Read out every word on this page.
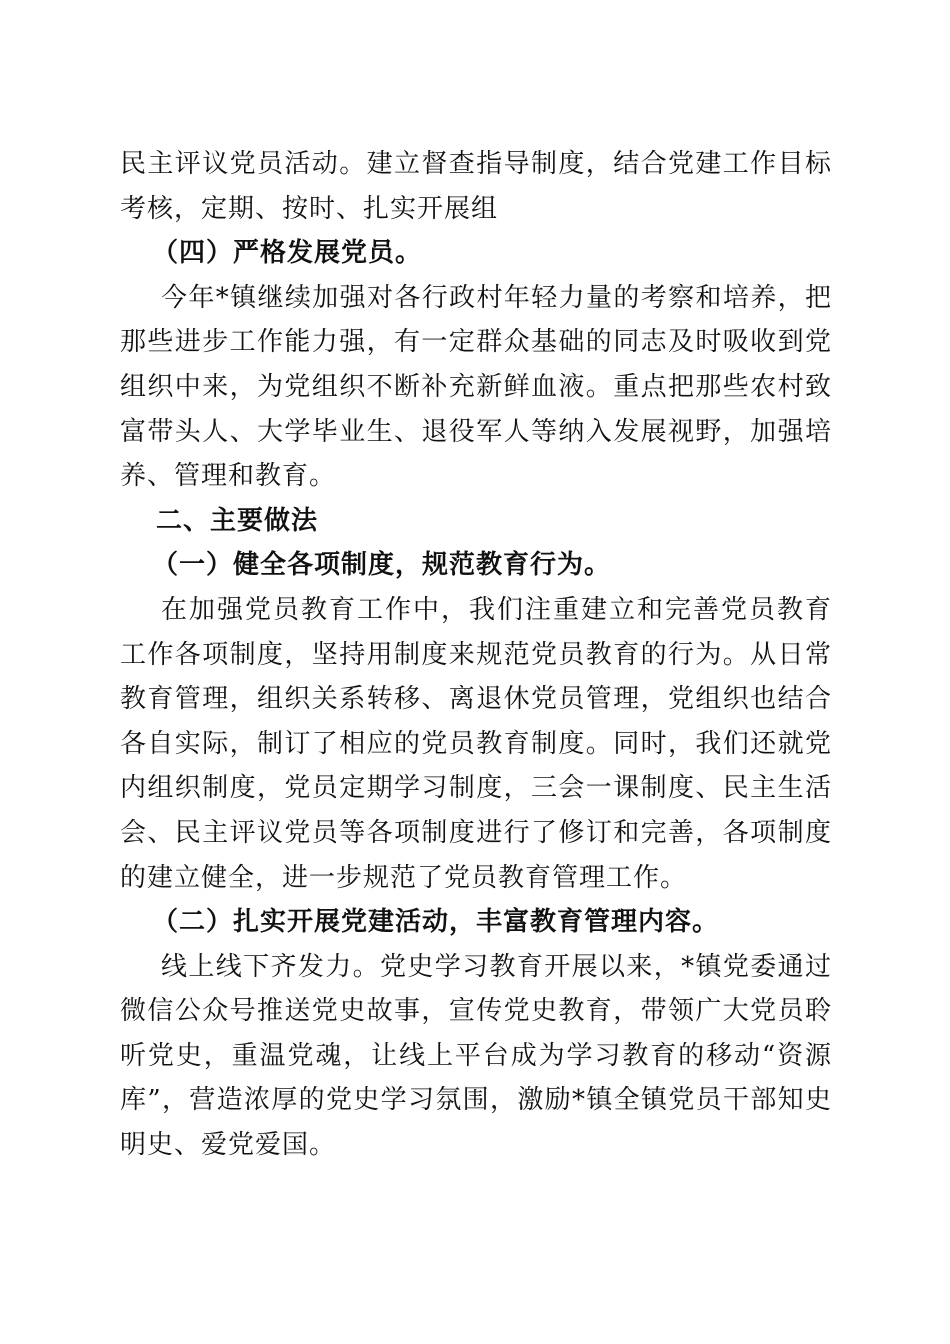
民主评议党员活动。建立督查指导制度，结合党建工作目标考核，定期、按时、扎实开展组

（四）严格发展党员。

今年*镇继续加强对各行政村年轻力量的考察和培养，把那些进步工作能力强，有一定群众基础的同志及时吸收到党组织中来，为党组织不断补充新鲜血液。重点把那些农村致富带头人、大学毕业生、退役军人等纳入发展视野，加强培养、管理和教育。

二、主要做法

（一）健全各项制度，规范教育行为。

在加强党员教育工作中，我们注重建立和完善党员教育工作各项制度，坚持用制度来规范党员教育的行为。从日常教育管理，组织关系转移、离退休党员管理，党组织也结合各自实际，制订了相应的党员教育制度。同时，我们还就党内组织制度，党员定期学习制度，三会一课制度、民主生活会、民主评议党员等各项制度进行了修订和完善，各项制度的建立健全，进一步规范了党员教育管理工作。

（二）扎实开展党建活动，丰富教育管理内容。

线上线下齐发力。党史学习教育开展以来，*镇党委通过微信公众号推送党史故事，宣传党史教育，带领广大党员聆听党史，重温党魂，让线上平台成为学习教育的移动“资源库”，营造浓厚的党史学习氛围，激励*镇全镇党员干部知史明史、爱党爱国。
